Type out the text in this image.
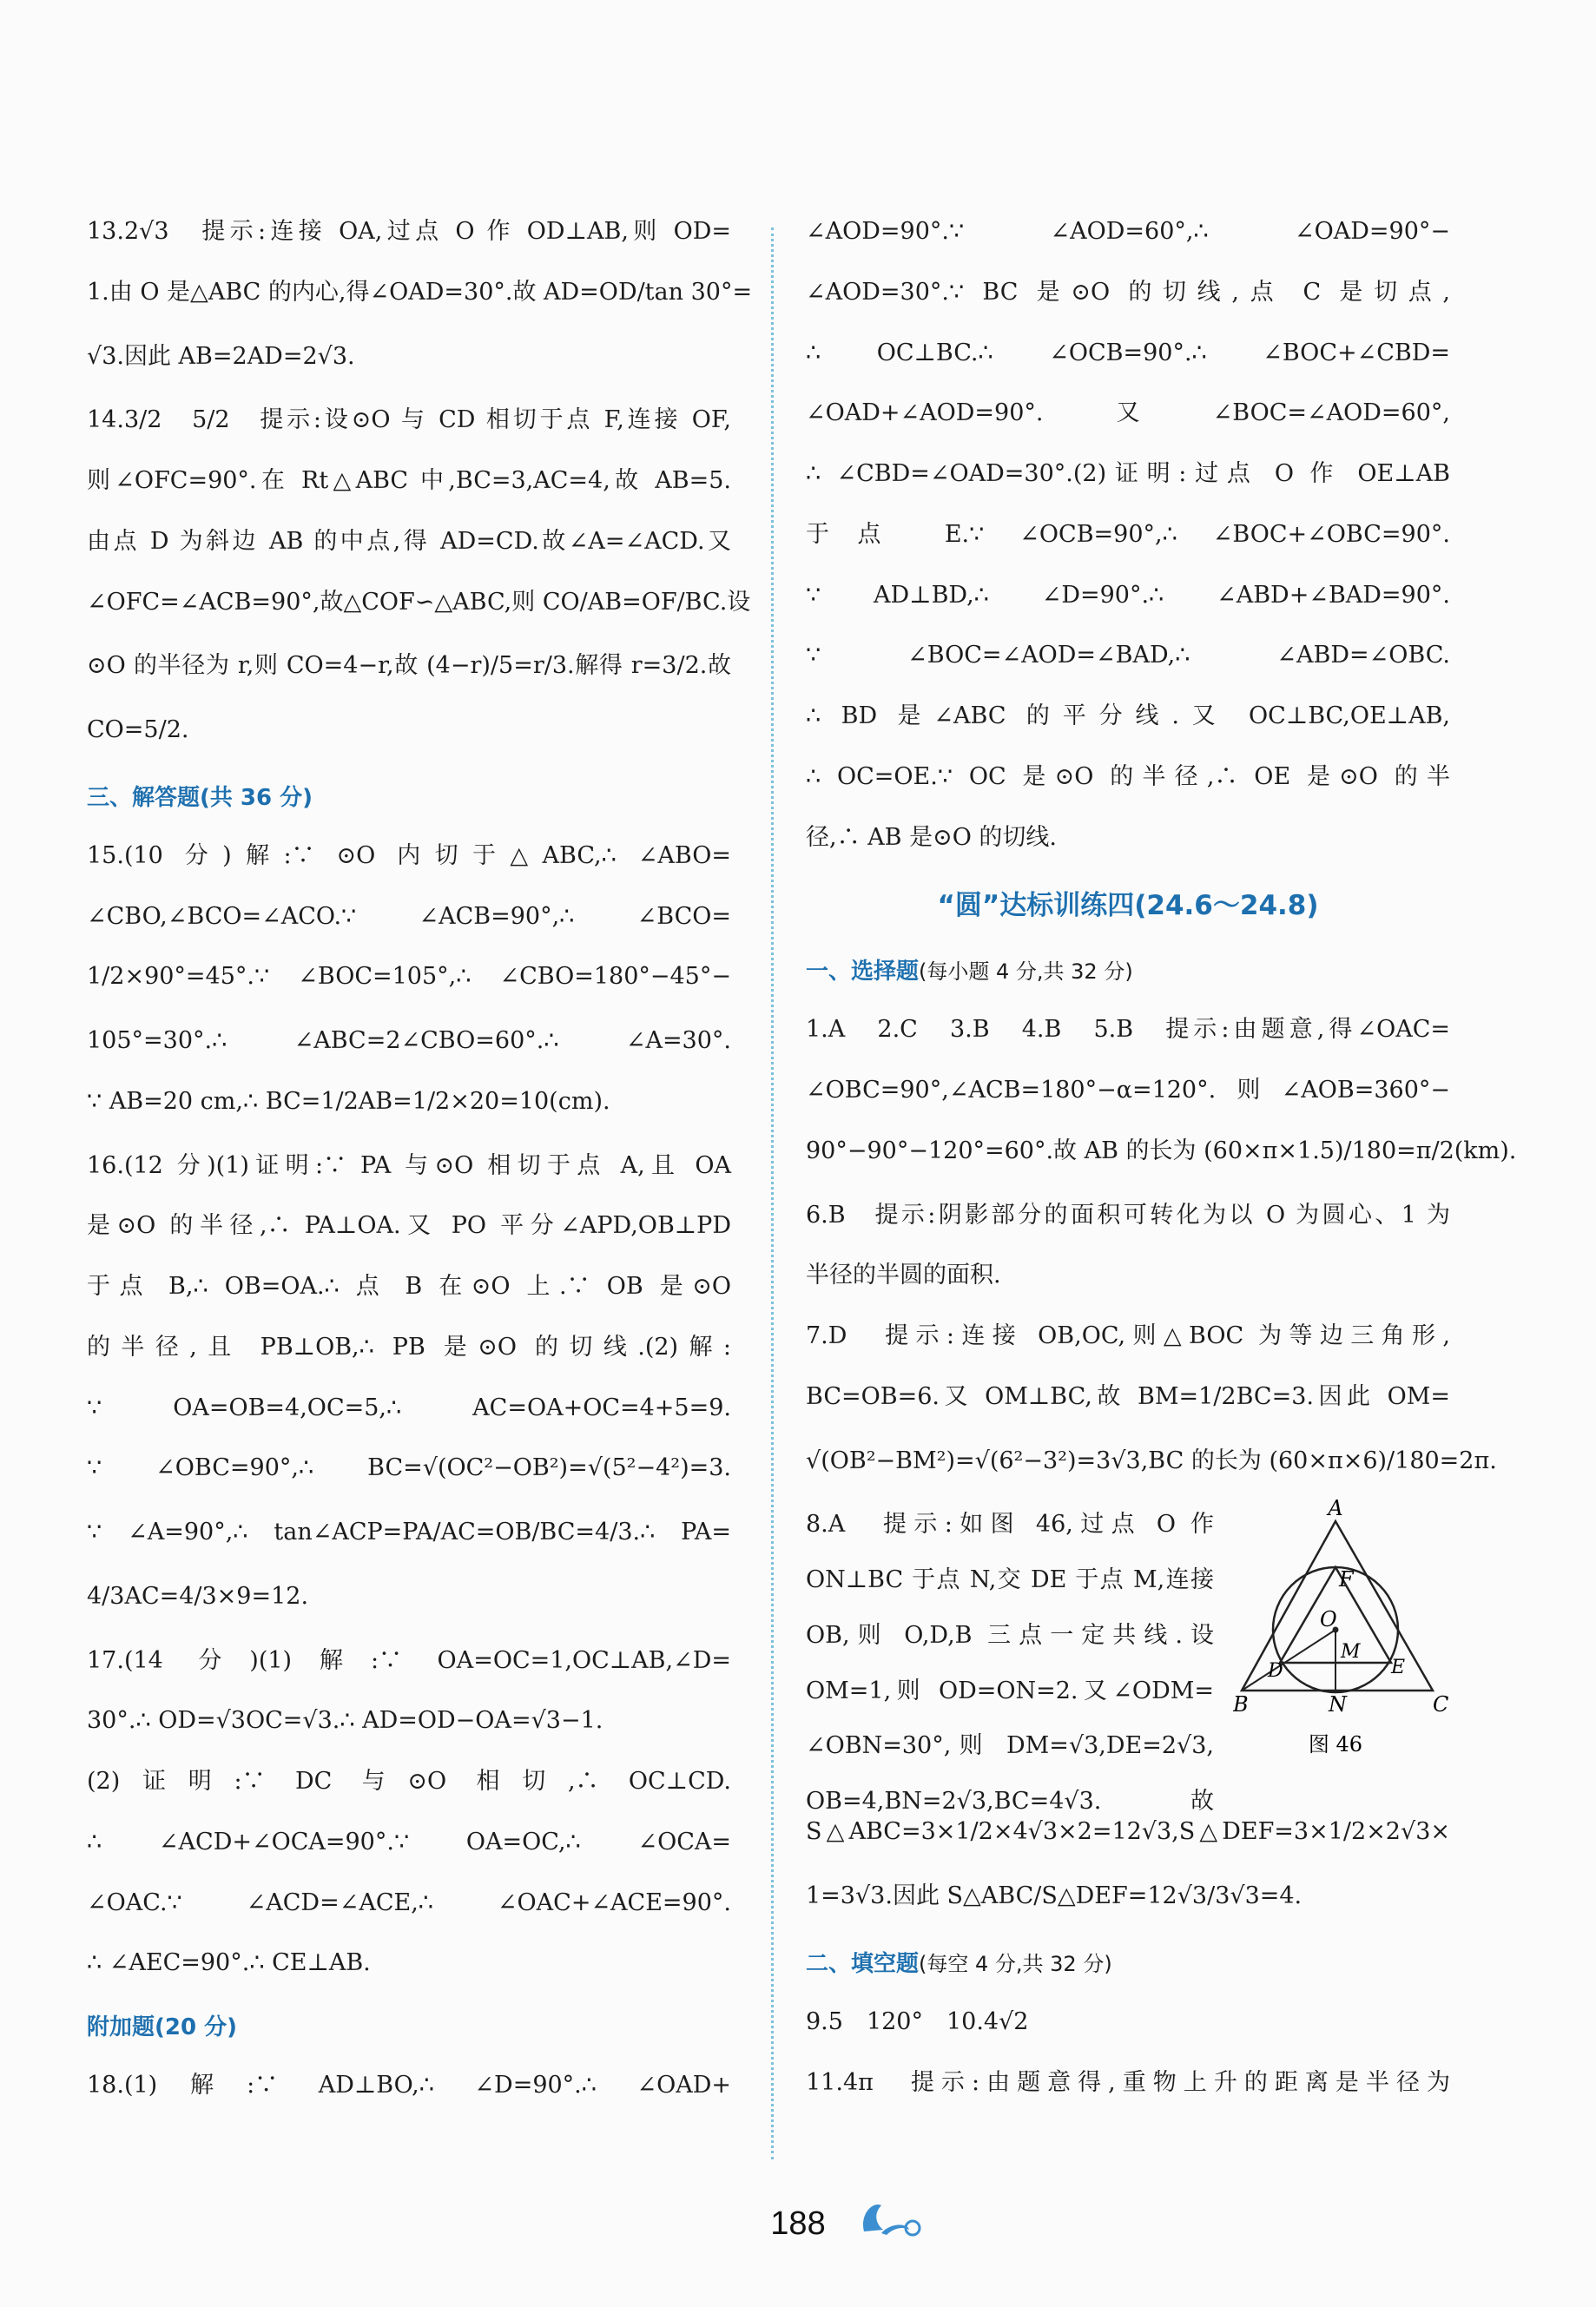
13.2√3　提示:连接 OA,过点 O 作 OD⊥AB,则 OD=
1.由 O 是△ABC 的内心,得∠OAD=30°.故 AD=OD/tan 30°=
√3.因此 AB=2AD=2√3.
14.3/2　5/2　提示:设⊙O 与 CD 相切于点 F,连接 OF,
则∠OFC=90°.在 Rt△ABC 中,BC=3,AC=4,故 AB=5.
由点 D 为斜边 AB 的中点,得 AD=CD.故∠A=∠ACD.又
∠OFC=∠ACB=90°,故△COF∽△ABC,则 CO/AB=OF/BC.设
⊙O 的半径为 r,则 CO=4−r,故 (4−r)/5=r/3.解得 r=3/2.故
CO=5/2.
三、解答题(共 36 分)
15.(10 分)解:∵ ⊙O 内切于△ABC,∴ ∠ABO=
∠CBO,∠BCO=∠ACO.∵ ∠ACB=90°,∴ ∠BCO=
1/2×90°=45°.∵ ∠BOC=105°,∴ ∠CBO=180°−45°−
105°=30°.∴ ∠ABC=2∠CBO=60°.∴ ∠A=30°.
∵ AB=20 cm,∴ BC=1/2AB=1/2×20=10(cm).
16.(12 分)(1)证明:∵ PA 与⊙O 相切于点 A,且 OA
是⊙O 的半径,∴ PA⊥OA.又 PO 平分∠APD,OB⊥PD
于点 B,∴ OB=OA.∴ 点 B 在⊙O 上.∵ OB 是⊙O
的半径,且 PB⊥OB,∴ PB 是⊙O 的切线.(2)解:
∵ OA=OB=4,OC=5,∴ AC=OA+OC=4+5=9.
∵ ∠OBC=90°,∴ BC=√(OC²−OB²)=√(5²−4²)=3.
∵ ∠A=90°,∴ tan∠ACP=PA/AC=OB/BC=4/3.∴ PA=
4/3AC=4/3×9=12.
17.(14 分)(1)解:∵ OA=OC=1,OC⊥AB,∠D=
30°.∴ OD=√3OC=√3.∴ AD=OD−OA=√3−1.
(2)证明:∵ DC 与⊙O 相切,∴ OC⊥CD.
∴ ∠ACD+∠OCA=90°.∵ OA=OC,∴ ∠OCA=
∠OAC.∵ ∠ACD=∠ACE,∴ ∠OAC+∠ACE=90°.
∴ ∠AEC=90°.∴ CE⊥AB.
附加题(20 分)
18.(1)解:∵ AD⊥BO,∴ ∠D=90°.∴ ∠OAD+
∠AOD=90°.∵ ∠AOD=60°,∴ ∠OAD=90°−
∠AOD=30°.∵ BC 是⊙O 的切线,点 C 是切点,
∴ OC⊥BC.∴ ∠OCB=90°.∴ ∠BOC+∠CBD=
∠OAD+∠AOD=90°.又∠BOC=∠AOD=60°,
∴ ∠CBD=∠OAD=30°.(2)证明:过点 O 作 OE⊥AB
于点 E.∵ ∠OCB=90°,∴ ∠BOC+∠OBC=90°.
∵ AD⊥BD,∴ ∠D=90°.∴ ∠ABD+∠BAD=90°.
∵ ∠BOC=∠AOD=∠BAD,∴ ∠ABD=∠OBC.
∴ BD 是∠ABC 的平分线.又 OC⊥BC,OE⊥AB,
∴ OC=OE.∵ OC 是⊙O 的半径,∴ OE 是⊙O 的半
径,∴ AB 是⊙O 的切线.
“圆”达标训练四(24.6～24.8)
一、选择题(每小题 4 分,共 32 分)
1.A　2.C　3.B　4.B　5.B　提示:由题意,得∠OAC=
∠OBC=90°,∠ACB=180°−α=120°.则∠AOB=360°−
90°−90°−120°=60°.故 AB 的长为 (60×π×1.5)/180=π/2(km).
6.B　提示:阴影部分的面积可转化为以 O 为圆心、1 为
半径的半圆的面积.
7.D　提示:连接 OB,OC,则△BOC 为等边三角形,
BC=OB=6.又 OM⊥BC,故 BM=1/2BC=3.因此 OM=
√(OB²−BM²)=√(6²−3²)=3√3,BC 的长为 (60×π×6)/180=2π.
8.A　提示:如图 46,过点 O 作
ON⊥BC 于点 N,交 DE 于点 M,连接
OB,则 O,D,B 三点一定共线.设
OM=1,则 OD=ON=2.又∠ODM=
∠OBN=30°,则 DM=√3,DE=2√3,
OB=4,BN=2√3,BC=4√3.故
A
F
O
M
D	E
B	N	C
图 46
S△ABC=3×1/2×4√3×2=12√3,S△DEF=3×1/2×2√3×
1=3√3.因此 S△ABC/S△DEF=12√3/3√3=4.
二、填空题(每空 4 分,共 32 分)
9.5　120°　10.4√2
11.4π　提示:由题意得,重物上升的距离是半径为
188
